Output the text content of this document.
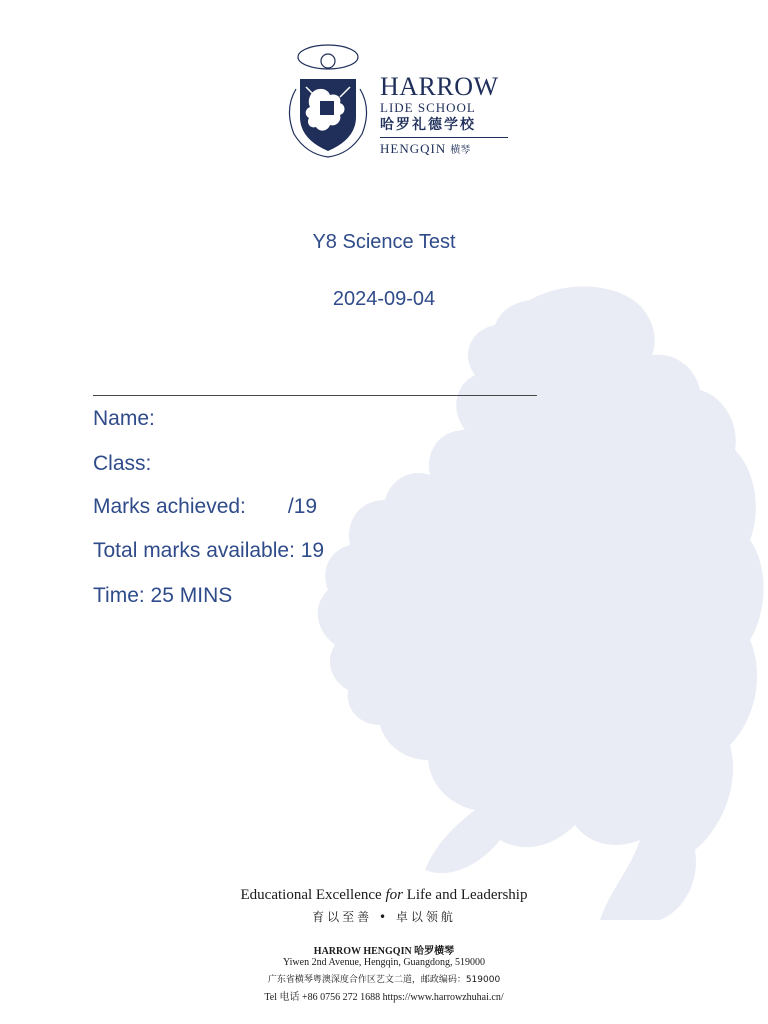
HARROW
LIDE SCHOOL
哈罗礼德学校
HENGQIN 横琴
Y8 Science Test
2024-09-04
_________________________________________________________
Name:
Class:
Marks achieved: /19
Total marks available: 19
Time: 25 MINS
Educational Excellence for Life and Leadership
育以至善 • 卓以领航
HARROW HENGQIN 哈罗横琴
Yiwen 2nd Avenue, Hengqin, Guangdong, 519000
广东省横琴粤澳深度合作区艺文二道，邮政编码：519000
Tel 电话 +86 0756 272 1688 https://www.harrowzhuhai.cn/
